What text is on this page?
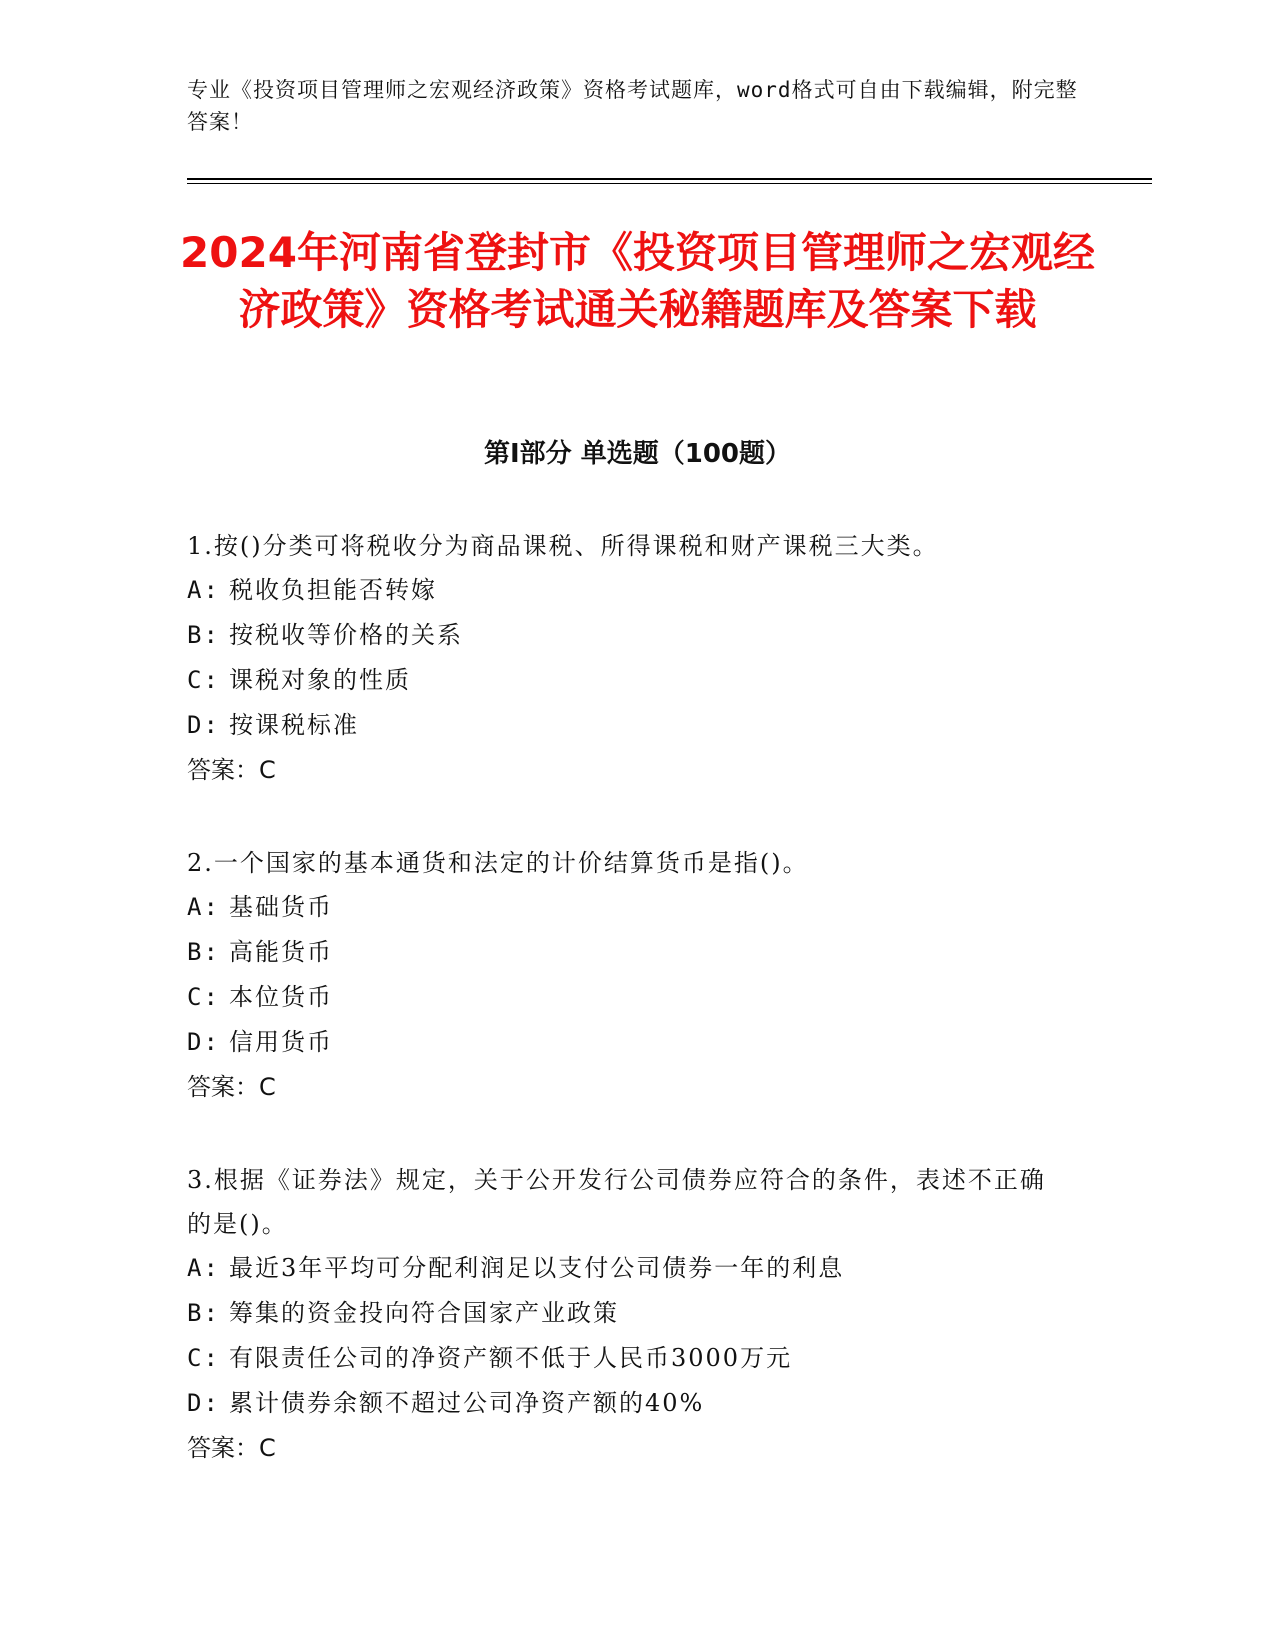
专业《投资项目管理师之宏观经济政策》资格考试题库，word格式可自由下载编辑，附完整答案！
2024年河南省登封市《投资项目管理师之宏观经济政策》资格考试通关秘籍题库及答案下载
第I部分 单选题（100题）

1.按()分类可将税收分为商品课税、所得课税和财产课税三大类。

A: 税收负担能否转嫁

B: 按税收等价格的关系

C: 课税对象的性质

D: 按课税标准

答案：C

2.一个国家的基本通货和法定的计价结算货币是指()。

A: 基础货币

B: 高能货币

C: 本位货币

D: 信用货币

答案：C

3.根据《证券法》规定，关于公开发行公司债券应符合的条件，表述不正确的是()。

A: 最近3年平均可分配利润足以支付公司债券一年的利息

B: 筹集的资金投向符合国家产业政策

C: 有限责任公司的净资产额不低于人民币3000万元

D: 累计债券余额不超过公司净资产额的40%

答案：C
